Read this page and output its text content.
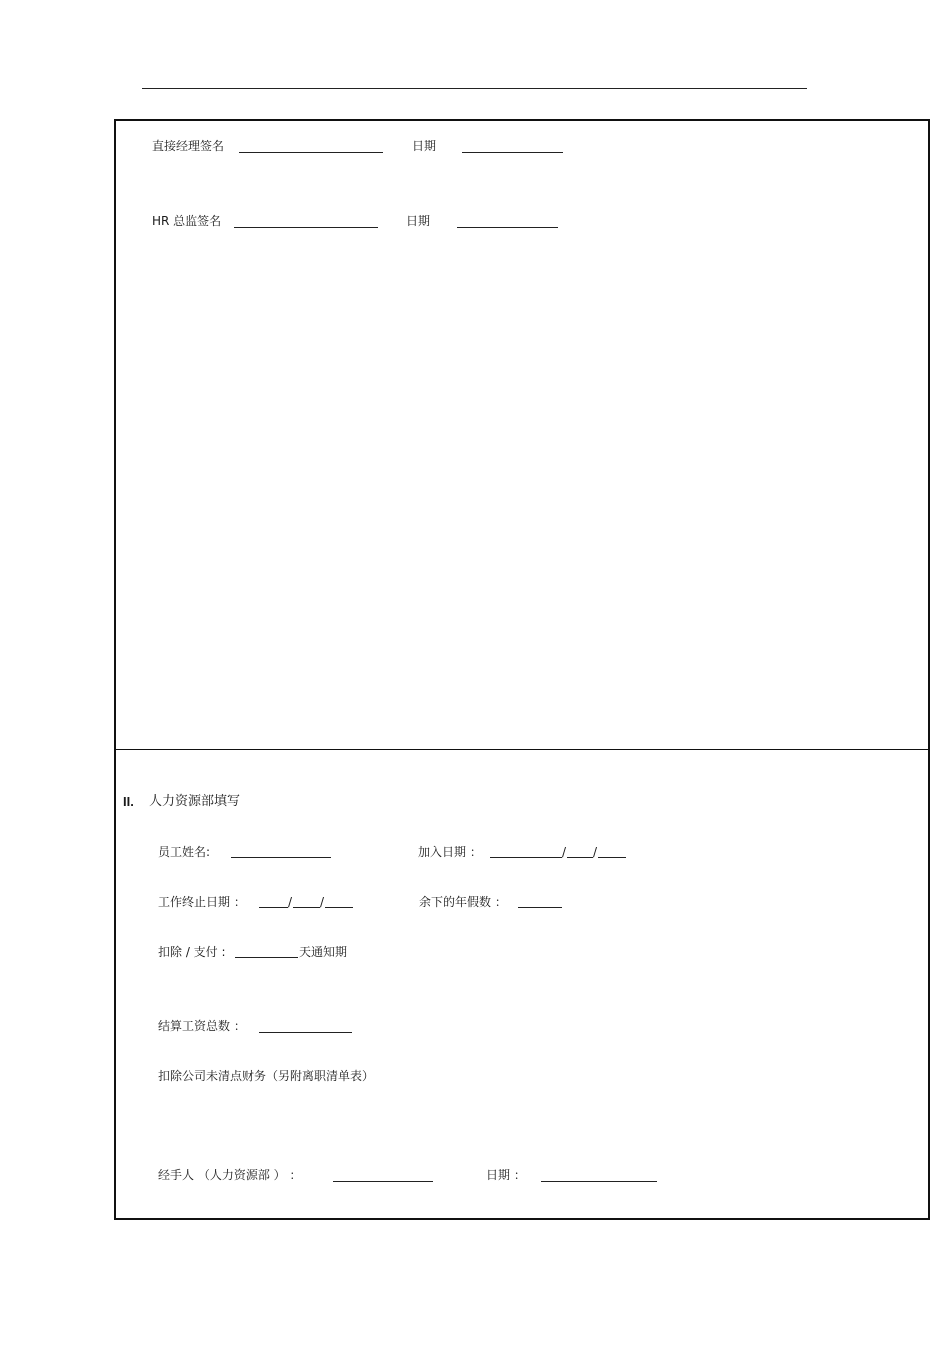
直接经理签名	日期
HR 总监签名	日期
II. 人力资源部填写
员工姓名:	加入日期 ：	/ /
工作终止日期 ：	/ /	余下的年假数 ：
扣除 / 支付 :	天通知期
结算工资总数 ：
扣除公司未清点财务（另附离职清单表）
经手人 （人力资源部 ） ：	日期 ：
